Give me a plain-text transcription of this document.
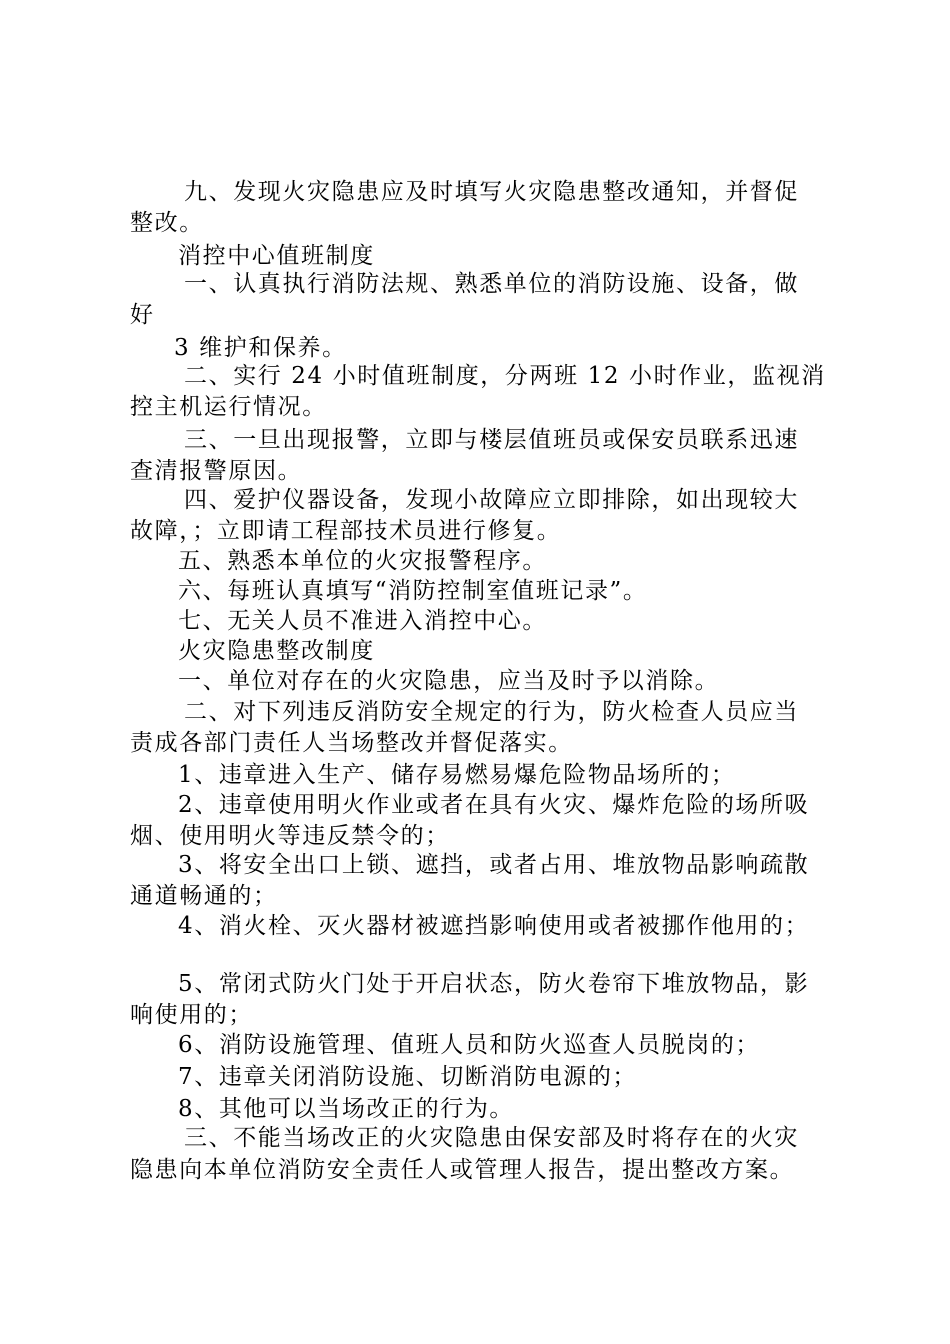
九、发现火灾隐患应及时填写火灾隐患整改通知，并督促
整改。
消控中心值班制度
一、认真执行消防法规、熟悉单位的消防设施、设备，做
好
3 维护和保养。
二、实行 24 小时值班制度，分两班 12 小时作业，监视消
控主机运行情况。
三、一旦出现报警，立即与楼层值班员或保安员联系迅速
查清报警原因。
四、爱护仪器设备，发现小故障应立即排除，如出现较大
故障，；立即请工程部技术员进行修复。
五、熟悉本单位的火灾报警程序。
六、每班认真填写“消防控制室值班记录”。
七、无关人员不准进入消控中心。
火灾隐患整改制度
一、单位对存在的火灾隐患，应当及时予以消除。
二、对下列违反消防安全规定的行为，防火检查人员应当
责成各部门责任人当场整改并督促落实。
1、违章进入生产、储存易燃易爆危险物品场所的；
2、违章使用明火作业或者在具有火灾、爆炸危险的场所吸
烟、使用明火等违反禁令的；
3、将安全出口上锁、遮挡，或者占用、堆放物品影响疏散
通道畅通的；
4、消火栓、灭火器材被遮挡影响使用或者被挪作他用的；
5、常闭式防火门处于开启状态，防火卷帘下堆放物品，影
响使用的；
6、消防设施管理、值班人员和防火巡查人员脱岗的；
7、违章关闭消防设施、切断消防电源的；
8、其他可以当场改正的行为。
三、不能当场改正的火灾隐患由保安部及时将存在的火灾
隐患向本单位消防安全责任人或管理人报告，提出整改方案。
